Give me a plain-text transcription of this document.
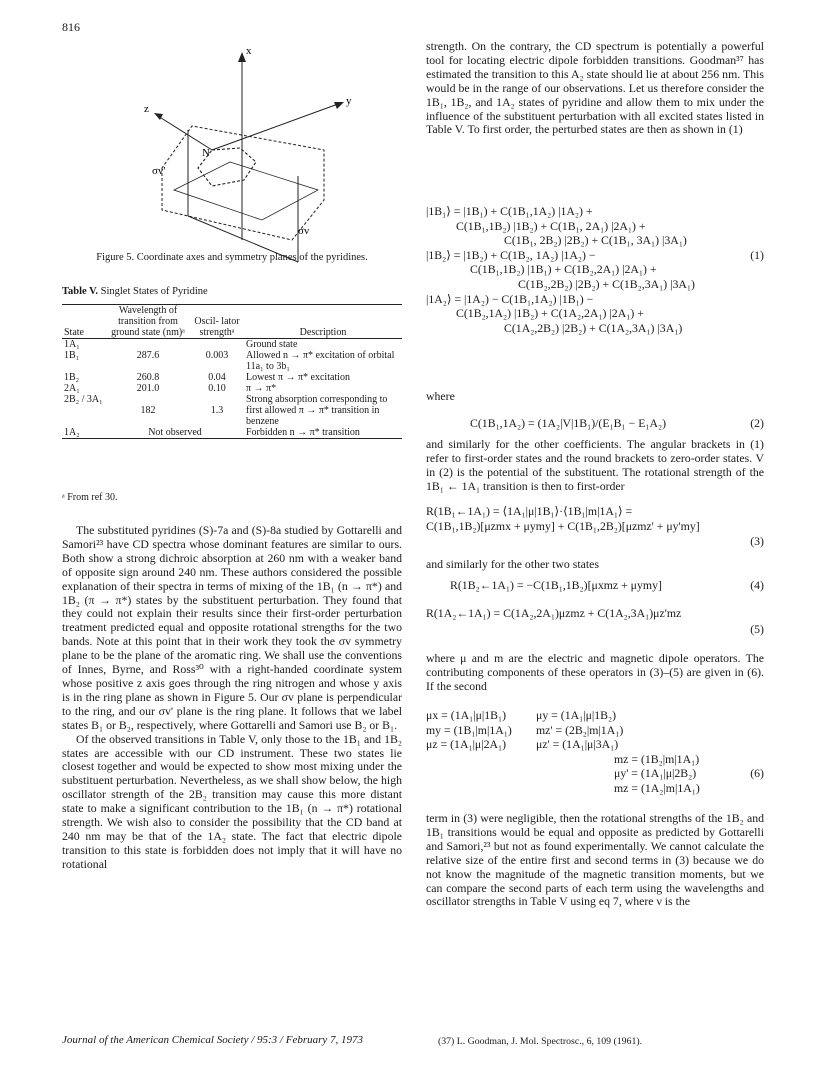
816
x
y
z
N
σv'
σv
Figure 5. Coordinate axes and symmetry planes of the pyridines.
Table V. Singlet States of Pyridine
State	Wavelength of transition from ground state (nm)ᵃ	Oscil- lator strengthᵃ	Description
1A₁			Ground state
1B₁	287.6	0.003	Allowed n → π* excitation of orbital 11a₁ to 3b₁
1B₂	260.8	0.04	Lowest π → π* excitation
2A₁	201.0	0.10	π → π*
2B₂ / 3A₁	182	1.3	Strong absorption corresponding to first allowed π → π* transition in benzene
1A₂	Not observed		Forbidden n → π* transition
ᵃ From ref 30.

The substituted pyridines (S)-7a and (S)-8a studied by Gottarelli and Samori²³ have CD spectra whose dominant features are similar to ours. Both show a strong dichroic absorption at 260 nm with a weaker band of opposite sign around 240 nm. These authors considered the possible explanation of their spectra in terms of mixing of the 1B₁ (n → π*) and 1B₂ (π → π*) states by the substituent perturbation. They found that they could not explain their results since their first-order perturbation treatment predicted equal and opposite rotational strengths for the two bands. Note at this point that in their work they took the σv symmetry plane to be the plane of the aromatic ring. We shall use the conventions of Innes, Byrne, and Ross³⁰ with a right-handed coordinate system whose positive z axis goes through the ring nitrogen and whose y axis is in the ring plane as shown in Figure 5. Our σv plane is perpendicular to the ring, and our σv' plane is the ring plane. It follows that we label states B₁ or B₂, respectively, where Gottarelli and Samori use B₂ or B₁.

Of the observed transitions in Table V, only those to the 1B₁ and 1B₂ states are accessible with our CD instrument. These two states lie closest together and would be expected to show most mixing under the substituent perturbation. Nevertheless, as we shall show below, the high oscillator strength of the 2B₂ transition may cause this more distant state to make a significant contribution to the 1B₁ (n → π*) rotational strength. We wish also to consider the possibility that the CD band at 240 nm may be that of the 1A₂ state. The fact that electric dipole transition to this state is forbidden does not imply that it will have no rotational

strength. On the contrary, the CD spectrum is potentially a powerful tool for locating electric dipole forbidden transitions. Goodman³⁷ has estimated the transition to this A₂ state should lie at about 256 nm. This would be in the range of our observations. Let us therefore consider the 1B₁, 1B₂, and 1A₂ states of pyridine and allow them to mix under the influence of the substituent perturbation with all excited states listed in Table V. To first order, the perturbed states are then as shown in (1)

|1B₁⟩ = |1B₁) + C(1B₁,1A₂) |1A₂) +
C(1B₁,1B₂) |1B₂) + C(1B₁, 2A₁) |2A₁) +
C(1B₁, 2B₂) |2B₂) + C(1B₁, 3A₁) |3A₁)
|1B₂⟩ = |1B₂) + C(1B₂, 1A₂) |1A₂) −
C(1B₁,1B₂) |1B₁) + C(1B₂,2A₁) |2A₁) +
C(1B₂,2B₂) |2B₂) + C(1B₂,3A₁) |3A₁)
|1A₂⟩ = |1A₂) − C(1B₁,1A₂) |1B₁) −
C(1B₂,1A₂) |1B₂) + C(1A₂,2A₁) |2A₁) +
C(1A₂,2B₂) |2B₂) + C(1A₂,3A₁) |3A₁)
(1)
where
C(1B₁,1A₂) = (1A₂|V|1B₁)/(E₁B₁ − E₁A₂)	(2)

and similarly for the other coefficients. The angular brackets in (1) refer to first-order states and the round brackets to zero-order states. V in (2) is the potential of the substituent. The rotational strength of the 1B₁ ← 1A₁ transition is then to first-order

R(1B₁←1A₁) = ⟨1A₁|μ|1B₁⟩·⟨1B₁|m|1A₁⟩ =
C(1B₁,1B₂)[μzmx + μymy] + C(1B₁,2B₂)[μzmz' + μy'my]
(3)
and similarly for the other two states
R(1B₂←1A₁) = −C(1B₁,1B₂)[μxmz + μymy]	(4)
R(1A₂←1A₁) = C(1A₂,2A₁)μzmz + C(1A₂,3A₁)μz'mz
(5)

where μ and m are the electric and magnetic dipole operators. The contributing components of these operators in (3)–(5) are given in (6). If the second

μx = (1A₁|μ|1B₁)	μy = (1A₁|μ|1B₂)
my = (1B₁|m|1A₁) mz' = (2B₂|m|1A₁)
μz = (1A₁|μ|2A₁)	μz' = (1A₁|μ|3A₁)
mz = (1B₂|m|1A₁)
μy' = (1A₁|μ|2B₂)
mz = (1A₂|m|1A₁)
(6)

term in (3) were negligible, then the rotational strengths of the 1B₂ and 1B₁ transitions would be equal and opposite as predicted by Gottarelli and Samori,²³ but not as found experimentally. We cannot calculate the relative size of the entire first and second terms in (3) because we do not know the magnitude of the magnetic transition moments, but we can compare the second parts of each term using the wavelengths and oscillator strengths in Table V using eq 7, where ν is the

(37) L. Goodman, J. Mol. Spectrosc., 6, 109 (1961).
Journal of the American Chemical Society / 95:3 / February 7, 1973
